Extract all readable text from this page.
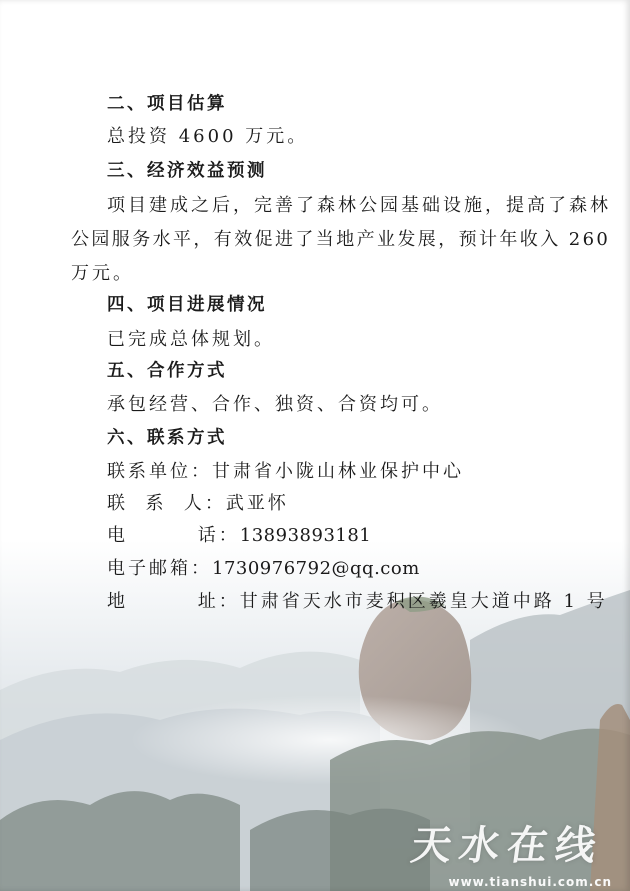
二、项目估算
总投资 4600 万元。
三、经济效益预测
项目建成之后，完善了森林公园基础设施，提高了森林
公园服务水平，有效促进了当地产业发展，预计年收入 260
万元。
四、项目进展情况
已完成总体规划。
五、合作方式
承包经营、合作、独资、合资均可。
六、联系方式
联系单位：甘肃省小陇山林业保护中心
联  系  人：武亚怀
电        话：13893893181
电子邮箱：1730976792@qq.com
地        址：甘肃省天水市麦积区羲皇大道中路 1 号
天水在线
www.tianshui.com.cn
